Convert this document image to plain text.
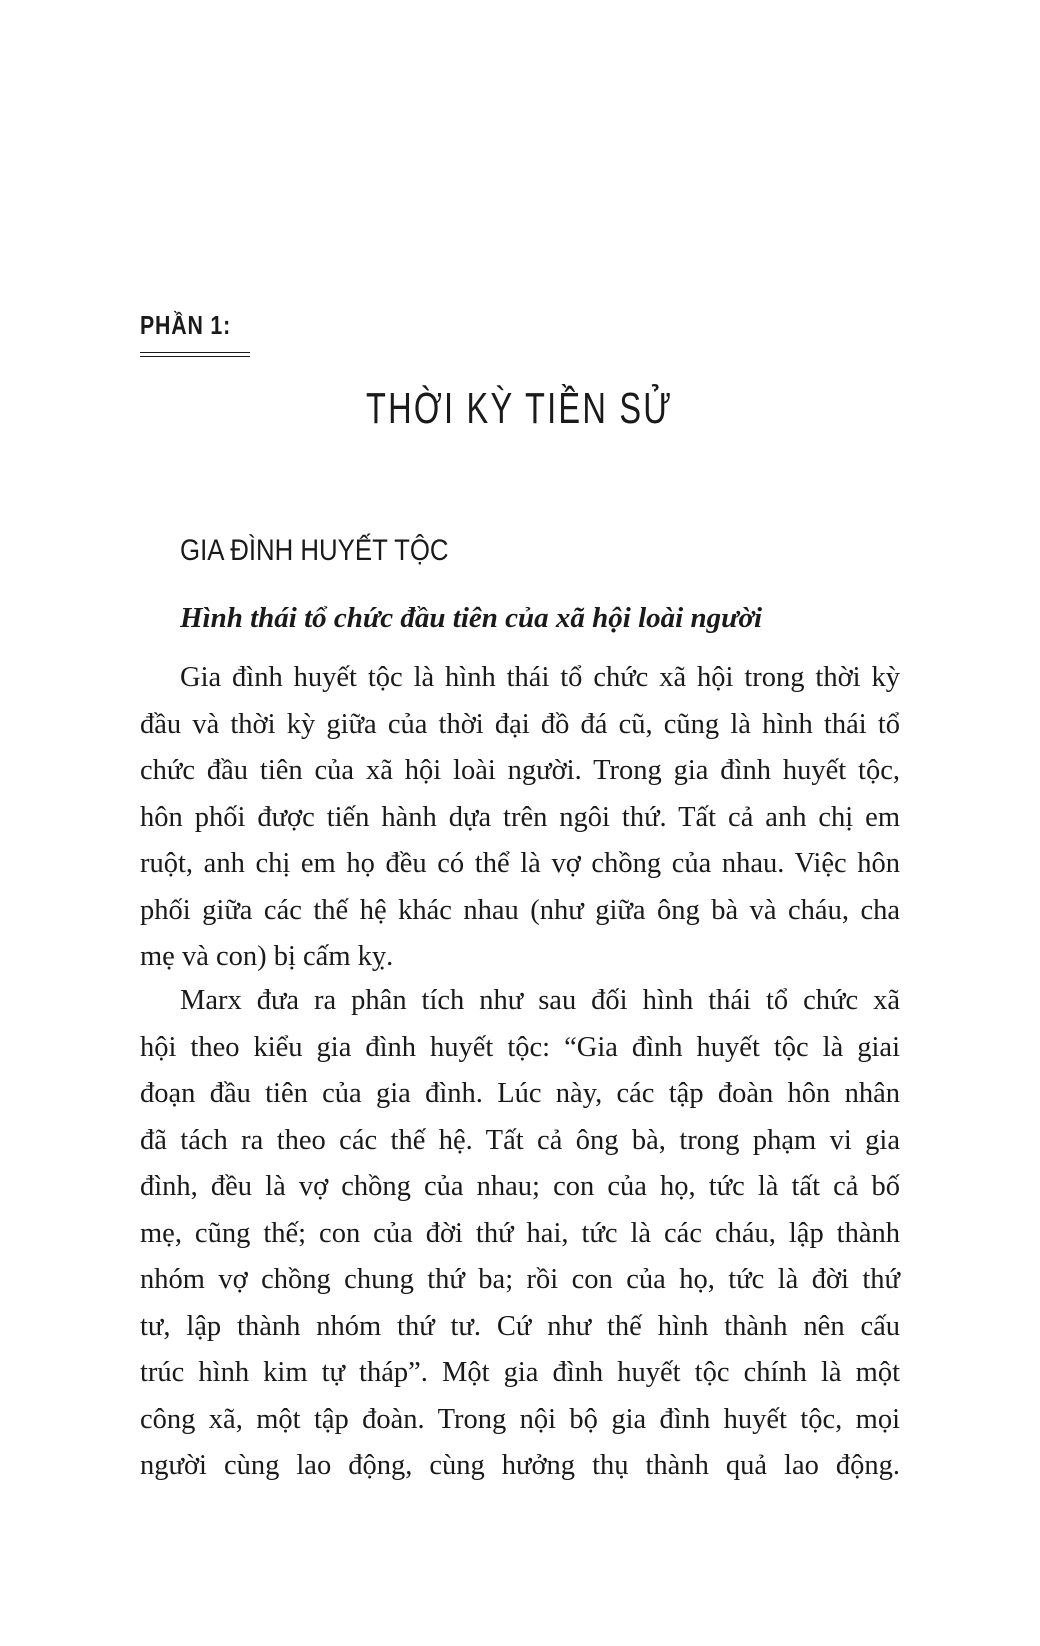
PHẦN 1:
THỜI KỲ TIỀN SỬ
GIA ĐÌNH HUYẾT TỘC
Hình thái tổ chức đầu tiên của xã hội loài người
Gia đình huyết tộc là hình thái tổ chức xã hội trong thời kỳ
đầu và thời kỳ giữa của thời đại đồ đá cũ, cũng là hình thái tổ
chức đầu tiên của xã hội loài người. Trong gia đình huyết tộc,
hôn phối được tiến hành dựa trên ngôi thứ. Tất cả anh chị em
ruột, anh chị em họ đều có thể là vợ chồng của nhau. Việc hôn
phối giữa các thế hệ khác nhau (như giữa ông bà và cháu, cha
mẹ và con) bị cấm kỵ.
Marx đưa ra phân tích như sau đối hình thái tổ chức xã
hội theo kiểu gia đình huyết tộc: “Gia đình huyết tộc là giai
đoạn đầu tiên của gia đình. Lúc này, các tập đoàn hôn nhân
đã tách ra theo các thế hệ. Tất cả ông bà, trong phạm vi gia
đình, đều là vợ chồng của nhau; con của họ, tức là tất cả bố
mẹ, cũng thế; con của đời thứ hai, tức là các cháu, lập thành
nhóm vợ chồng chung thứ ba; rồi con của họ, tức là đời thứ
tư, lập thành nhóm thứ tư. Cứ như thế hình thành nên cấu
trúc hình kim tự tháp”. Một gia đình huyết tộc chính là một
công xã, một tập đoàn. Trong nội bộ gia đình huyết tộc, mọi
người cùng lao động, cùng hưởng thụ thành quả lao động.
